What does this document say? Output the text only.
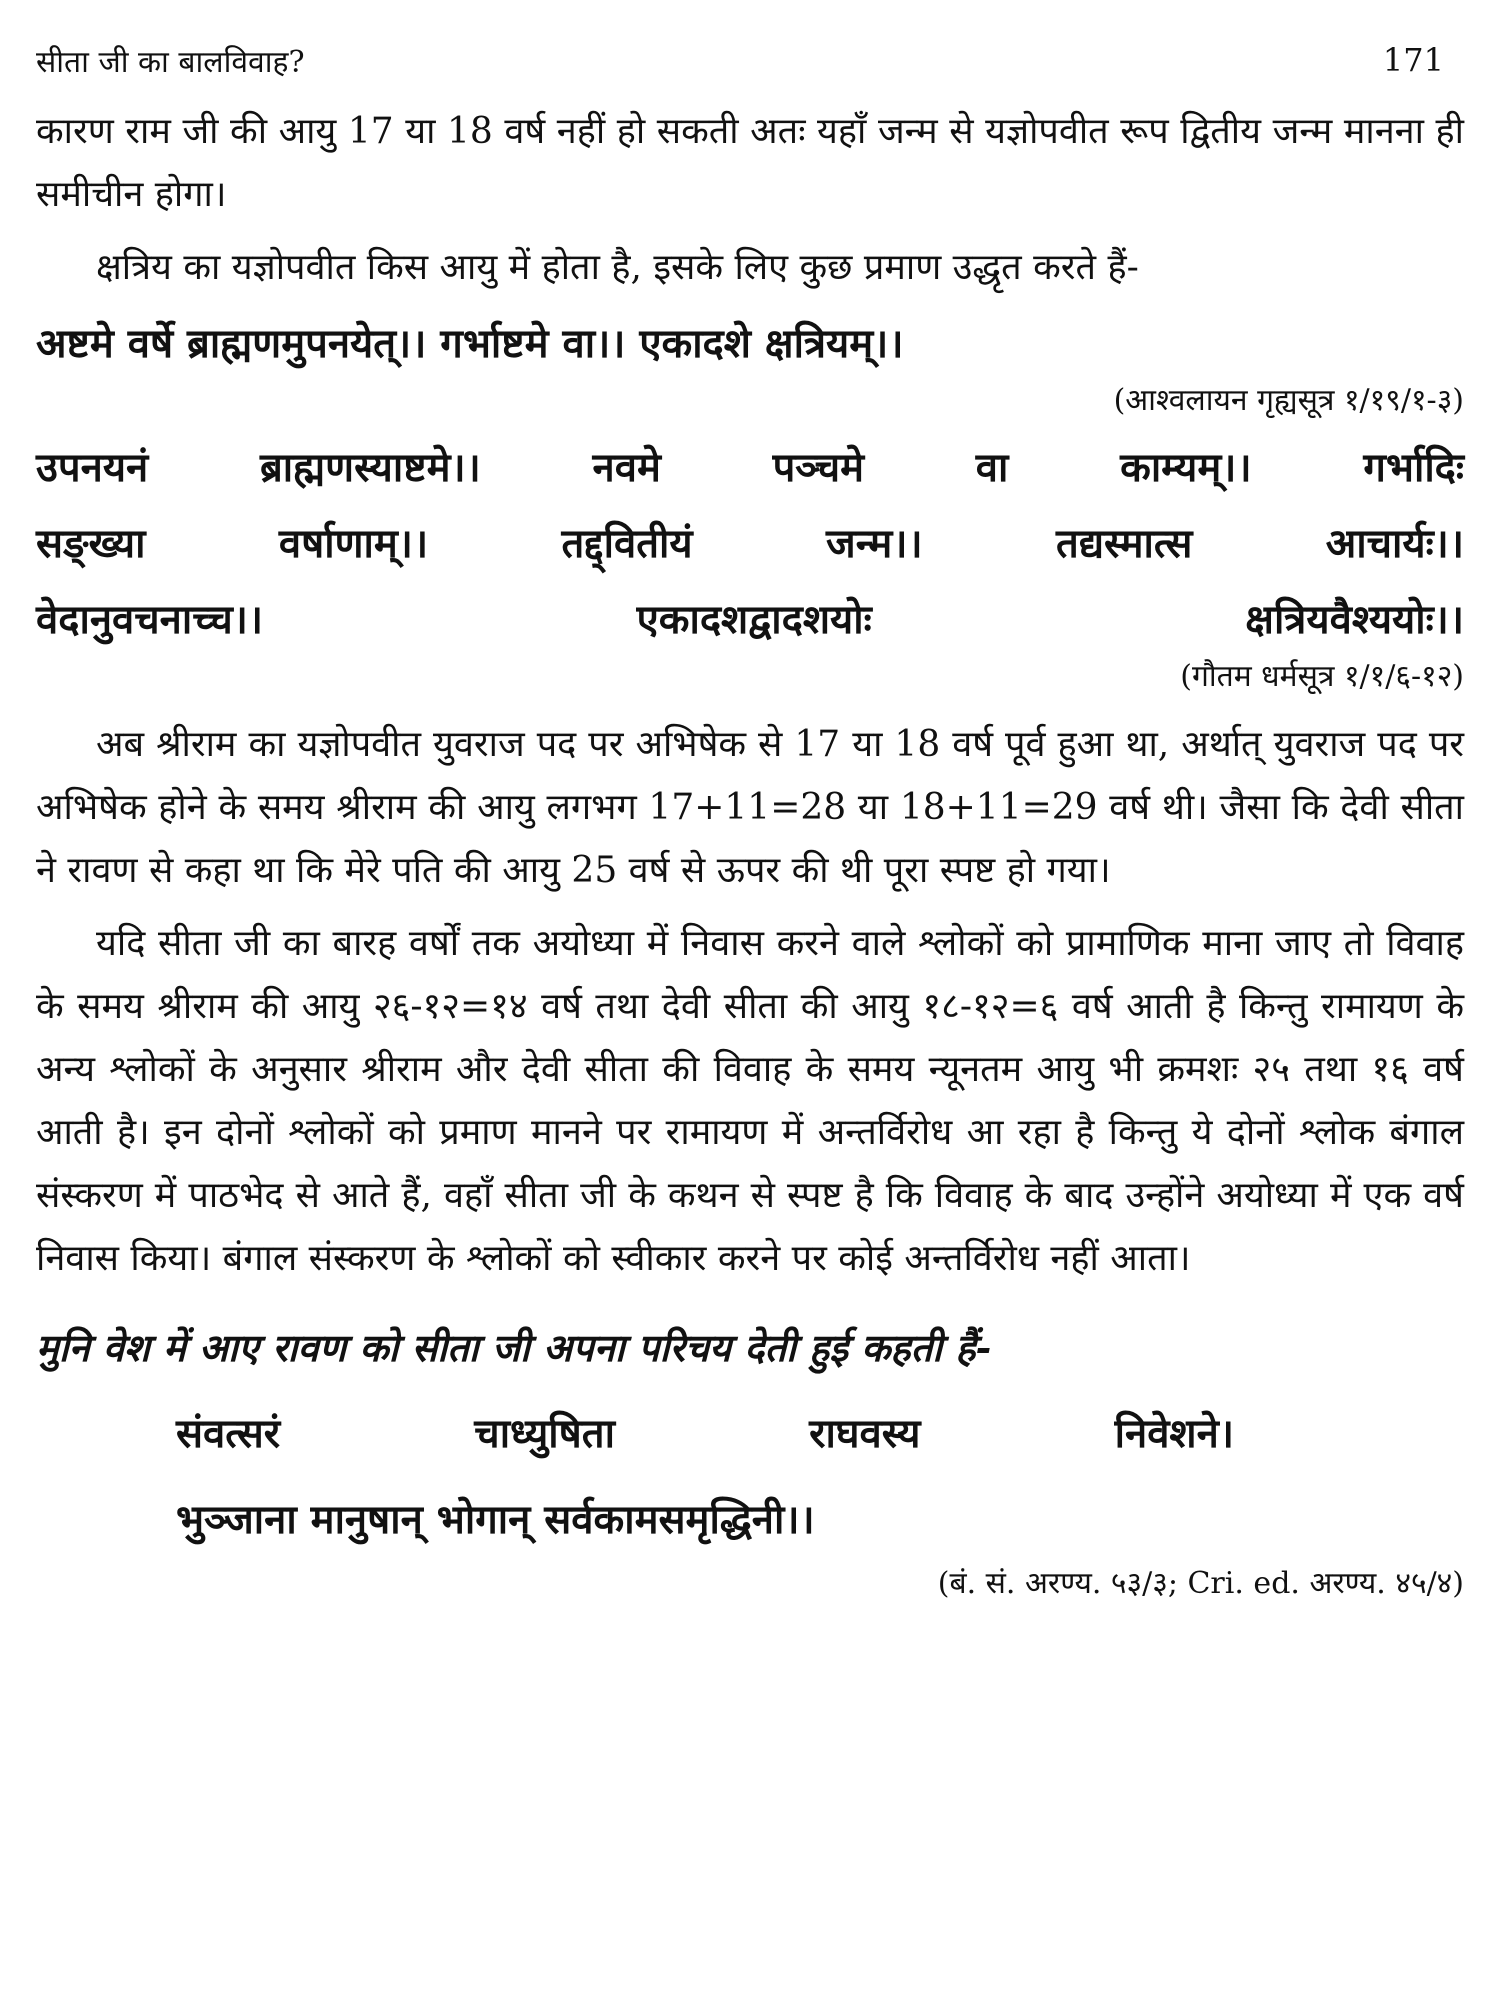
सीता जी का बालविवाह?	171

कारण राम जी की आयु 17 या 18 वर्ष नहीं हो सकती अतः यहाँ जन्म से यज्ञोपवीत रूप द्वितीय जन्म मानना ही समीचीन होगा।

क्षत्रिय का यज्ञोपवीत किस आयु में होता है, इसके लिए कुछ प्रमाण उद्धृत करते हैं-

अष्टमे वर्षे ब्राह्मणमुपनयेत्।। गर्भाष्टमे वा।। एकादशे क्षत्रियम्।।
(आश्वलायन गृह्यसूत्र १/१९/१-३)
उपनयनं ब्राह्मणस्याष्टमे।। नवमे पञ्चमे वा काम्यम्।। गर्भादिः
सङ्ख्या वर्षाणाम्।। तद्द्वितीयं जन्म।। तद्यस्मात्स आचार्यः।।
वेदानुवचनाच्च।। एकादशद्वादशयोः क्षत्रियवैश्ययोः।।
(गौतम धर्मसूत्र १/१/६-१२)

अब श्रीराम का यज्ञोपवीत युवराज पद पर अभिषेक से 17 या 18 वर्ष पूर्व हुआ था, अर्थात् युवराज पद पर अभिषेक होने के समय श्रीराम की आयु लगभग 17+11=28 या 18+11=29 वर्ष थी। जैसा कि देवी सीता ने रावण से कहा था कि मेरे पति की आयु 25 वर्ष से ऊपर की थी पूरा स्पष्ट हो गया।

यदि सीता जी का बारह वर्षों तक अयोध्या में निवास करने वाले श्लोकों को प्रामाणिक माना जाए तो विवाह के समय श्रीराम की आयु २६-१२=१४ वर्ष तथा देवी सीता की आयु १८-१२=६ वर्ष आती है किन्तु रामायण के अन्य श्लोकों के अनुसार श्रीराम और देवी सीता की विवाह के समय न्यूनतम आयु भी क्रमशः २५ तथा १६ वर्ष आती है। इन दोनों श्लोकों को प्रमाण मानने पर रामायण में अन्तर्विरोध आ रहा है किन्तु ये दोनों श्लोक बंगाल संस्करण में पाठभेद से आते हैं, वहाँ सीता जी के कथन से स्पष्ट है कि विवाह के बाद उन्होंने अयोध्या में एक वर्ष निवास किया। बंगाल संस्करण के श्लोकों को स्वीकार करने पर कोई अन्तर्विरोध नहीं आता।

मुनि वेश में आए रावण को सीता जी अपना परिचय देती हुई कहती हैं-
संवत्सरं चाध्युषिता राघवस्य निवेशने।
भुञ्जाना मानुषान् भोगान् सर्वकामसमृद्धिनी।।
(बं. सं. अरण्य. ५३/३; Cri. ed. अरण्य. ४५/४)
